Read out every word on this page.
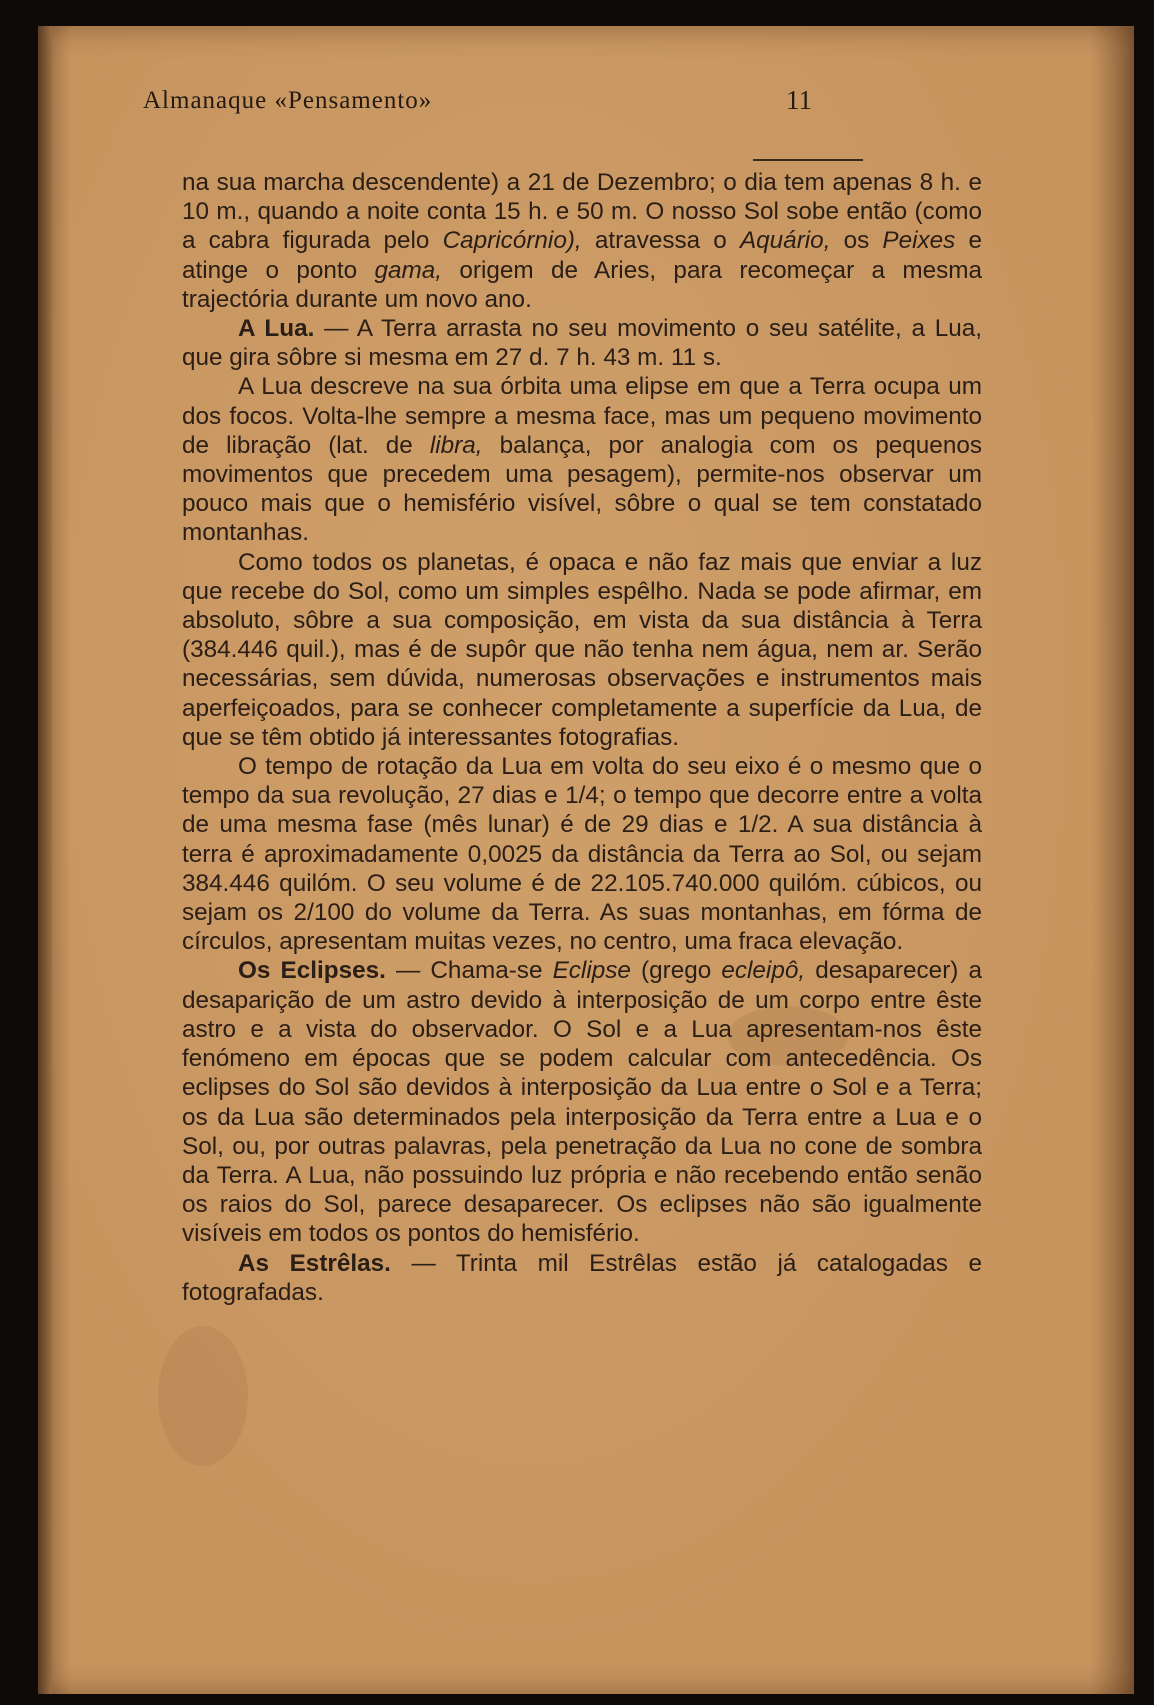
Almanaque «Pensamento»	11

na sua marcha descendente) a 21 de Dezembro; o dia tem apenas 8 h. e 10 m., quando a noite conta 15 h. e 50 m. O nosso Sol sobe então (como a cabra figurada pelo Capricórnio), atravessa o Aquário, os Peixes e atinge o ponto gama, origem de Aries, para recomeçar a mesma trajectória durante um novo ano.

A Lua. — A Terra arrasta no seu movimento o seu satélite, a Lua, que gira sôbre si mesma em 27 d. 7 h. 43 m. 11 s.

A Lua descreve na sua órbita uma elipse em que a Terra ocupa um dos focos. Volta-lhe sempre a mesma face, mas um pequeno movimento de libração (lat. de libra, balança, por analogia com os pequenos movimentos que precedem uma pesagem), permite-nos observar um pouco mais que o hemisfério visível, sôbre o qual se tem constatado montanhas.

Como todos os planetas, é opaca e não faz mais que enviar a luz que recebe do Sol, como um simples espêlho. Nada se pode afirmar, em absoluto, sôbre a sua composição, em vista da sua distância à Terra (384.446 quil.), mas é de supôr que não tenha nem água, nem ar. Serão necessárias, sem dúvida, numerosas observações e instrumentos mais aperfeiçoados, para se conhecer completamente a superfície da Lua, de que se têm obtido já interessantes fotografias.

O tempo de rotação da Lua em volta do seu eixo é o mesmo que o tempo da sua revolução, 27 dias e 1/4; o tempo que decorre entre a volta de uma mesma fase (mês lunar) é de 29 dias e 1/2. A sua distância à terra é aproximadamente 0,0025 da distância da Terra ao Sol, ou sejam 384.446 quilóm. O seu volume é de 22.105.740.000 quilóm. cúbicos, ou sejam os 2/100 do volume da Terra. As suas montanhas, em fórma de círculos, apresentam muitas vezes, no centro, uma fraca elevação.

Os Eclipses. — Chama-se Eclipse (grego ecleipô, desaparecer) a desaparição de um astro devido à interposição de um corpo entre êste astro e a vista do observador. O Sol e a Lua apresentam-nos êste fenómeno em épocas que se podem calcular com antecedência. Os eclipses do Sol são devidos à interposição da Lua entre o Sol e a Terra; os da Lua são determinados pela interposição da Terra entre a Lua e o Sol, ou, por outras palavras, pela penetração da Lua no cone de sombra da Terra. A Lua, não possuindo luz própria e não recebendo então senão os raios do Sol, parece desaparecer. Os eclipses não são igualmente visíveis em todos os pontos do hemisfério.

As Estrêlas. — Trinta mil Estrêlas estão já catalogadas e fotografadas.
